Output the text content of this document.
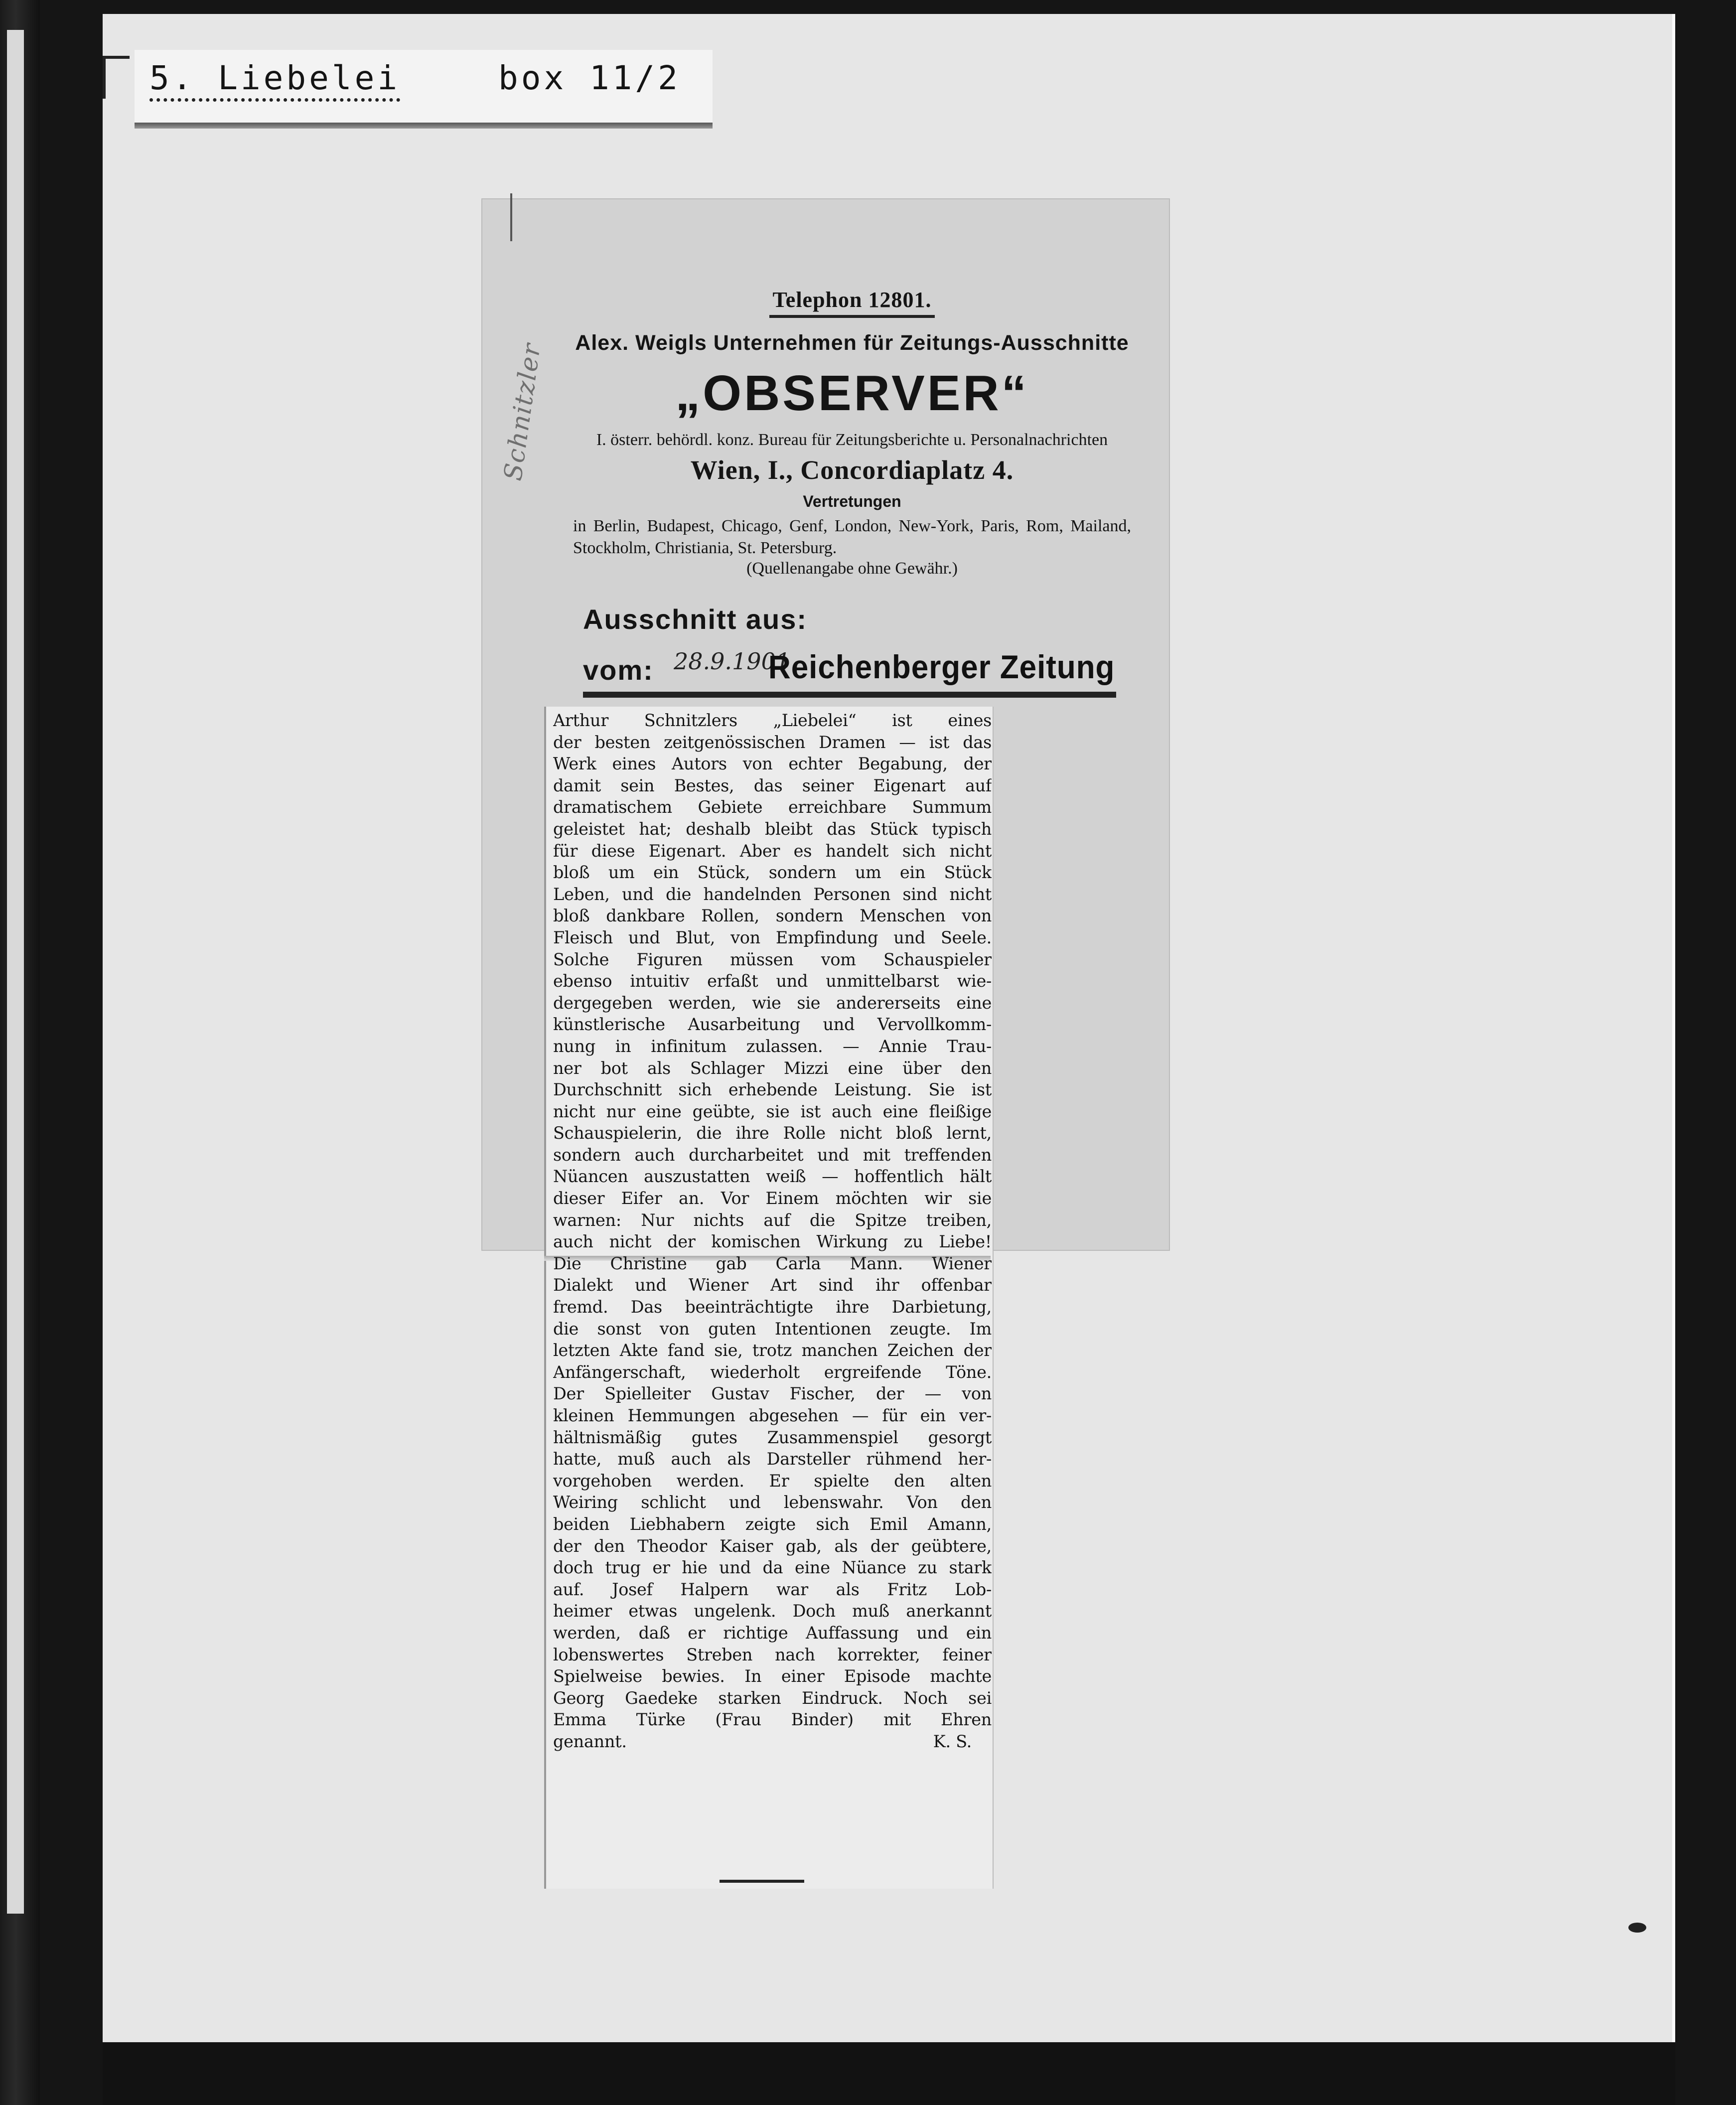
5. Liebelei	box 11/2
Telephon 12801.
Alex. Weigls Unternehmen für Zeitungs-Ausschnitte
„OBSERVER“
I. österr. behördl. konz. Bureau für Zeitungsberichte u. Personalnachrichten
Wien, I., Concordiaplatz 4.
Vertretungen
in Berlin, Budapest, Chicago, Genf, London, New-York, Paris, Rom, Mailand, Stockholm, Christiania, St. Petersburg.
(Quellenangabe ohne Gewähr.)
Schnitzler
Ausschnitt aus:
vom: 28.9.1901
Reichenberger Zeitung
Arthur Schnitzlers „Liebelei“ ist eines
der besten zeitgenössischen Dramen — ist das
Werk eines Autors von echter Begabung, der
damit sein Bestes, das seiner Eigenart auf
dramatischem Gebiete erreichbare Summum
geleistet hat; deshalb bleibt das Stück typisch
für diese Eigenart. Aber es handelt sich nicht
bloß um ein Stück, sondern um ein Stück
Leben, und die handelnden Personen sind nicht
bloß dankbare Rollen, sondern Menschen von
Fleisch und Blut, von Empfindung und Seele.
Solche Figuren müssen vom Schauspieler
ebenso intuitiv erfaßt und unmittelbarst wie-
dergegeben werden, wie sie andererseits eine
künstlerische Ausarbeitung und Vervollkomm-
nung in infinitum zulassen. — Annie Trau-
ner bot als Schlager Mizzi eine über den
Durchschnitt sich erhebende Leistung. Sie ist
nicht nur eine geübte, sie ist auch eine fleißige
Schauspielerin, die ihre Rolle nicht bloß lernt,
sondern auch durcharbeitet und mit treffenden
Nüancen auszustatten weiß — hoffentlich hält
dieser Eifer an. Vor Einem möchten wir sie
warnen: Nur nichts auf die Spitze treiben,
auch nicht der komischen Wirkung zu Liebe!
Die Christine gab Carla Mann. Wiener
Dialekt und Wiener Art sind ihr offenbar
fremd. Das beeinträchtigte ihre Darbietung,
die sonst von guten Intentionen zeugte. Im
letzten Akte fand sie, trotz manchen Zeichen der
Anfängerschaft, wiederholt ergreifende Töne.
Der Spielleiter Gustav Fischer, der — von
kleinen Hemmungen abgesehen — für ein ver-
hältnismäßig gutes Zusammenspiel gesorgt
hatte, muß auch als Darsteller rühmend her-
vorgehoben werden. Er spielte den alten
Weiring schlicht und lebenswahr. Von den
beiden Liebhabern zeigte sich Emil Amann,
der den Theodor Kaiser gab, als der geübtere,
doch trug er hie und da eine Nüance zu stark
auf. Josef Halpern war als Fritz Lob-
heimer etwas ungelenk. Doch muß anerkannt
werden, daß er richtige Auffassung und ein
lobenswertes Streben nach korrekter, feiner
Spielweise bewies. In einer Episode machte
Georg Gaedeke starken Eindruck. Noch sei
Emma Türke (Frau Binder) mit Ehren
genannt.	K. S.
